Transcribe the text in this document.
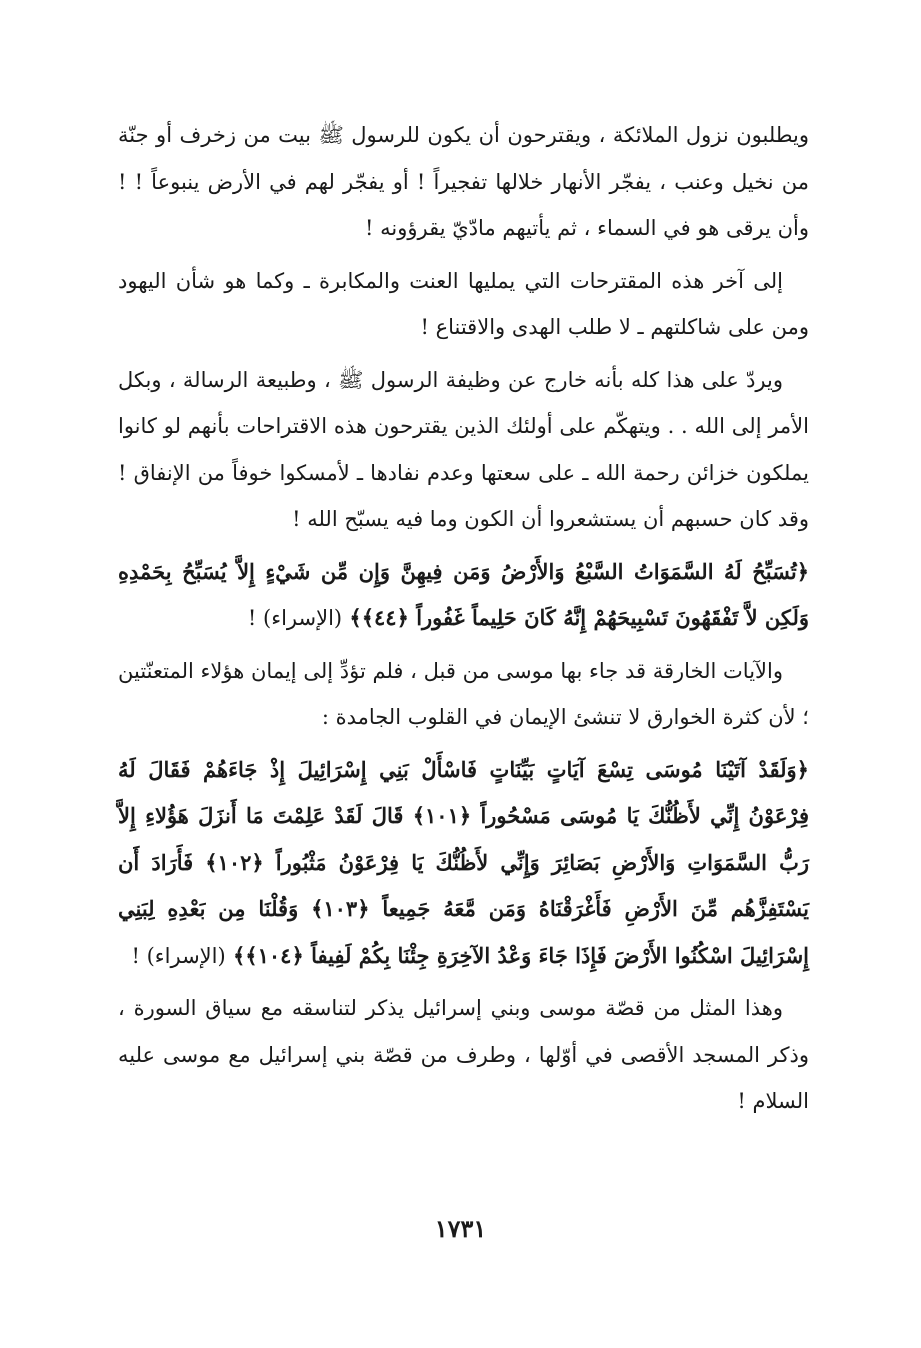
ويطلبون نزول الملائكة ، ويقترحون أن يكون للرسول ﷺ بيت من زخرف أو جنّة من نخيل وعنب ، يفجّر الأنهار خلالها تفجيراً ! أو يفجّر لهم في الأرض ينبوعاً ! ! وأن يرقى هو في السماء ، ثم يأتيهم مادّيّ يقرؤونه !

إلى آخر هذه المقترحات التي يمليها العنت والمكابرة ـ وكما هو شأن اليهود ومن على شاكلتهم ـ لا طلب الهدى والاقتناع !

ويردّ على هذا كله بأنه خارج عن وظيفة الرسول ﷺ ، وطبيعة الرسالة ، وبكل الأمر إلى الله . . ويتهكّم على أولئك الذين يقترحون هذه الاقتراحات بأنهم لو كانوا يملكون خزائن رحمة الله ـ على سعتها وعدم نفادها ـ لأمسكوا خوفاً من الإنفاق ! وقد كان حسبهم أن يستشعروا أن الكون وما فيه يسبّح الله !

﴿تُسَبِّحُ لَهُ السَّمَوَاتُ السَّبْعُ وَالأَرْضُ وَمَن فِيهِنَّ وَإِن مِّن شَيْءٍ إِلاَّ يُسَبِّحُ بِحَمْدِهِ وَلَكِن لاَّ تَفْقَهُونَ تَسْبِيحَهُمْ إِنَّهُ كَانَ حَلِيماً غَفُوراً ﴿٤٤﴾﴾ (الإسراء) !

والآيات الخارقة قد جاء بها موسى من قبل ، فلم تؤدِّ إلى إيمان هؤلاء المتعنّتين ؛ لأن كثرة الخوارق لا تنشئ الإيمان في القلوب الجامدة :

﴿وَلَقَدْ آتَيْنَا مُوسَى تِسْعَ آيَاتٍ بَيِّنَاتٍ فَاسْأَلْ بَنِي إِسْرَائِيلَ إِذْ جَاءَهُمْ فَقَالَ لَهُ فِرْعَوْنُ إِنِّي لأَظُنُّكَ يَا مُوسَى مَسْحُوراً ﴿١٠١﴾ قَالَ لَقَدْ عَلِمْتَ مَا أَنزَلَ هَؤُلاءِ إِلاَّ رَبُّ السَّمَوَاتِ وَالأَرْضِ بَصَائِرَ وَإِنِّي لأَظُنُّكَ يَا فِرْعَوْنُ مَثْبُوراً ﴿١٠٢﴾ فَأَرَادَ أَن يَسْتَفِزَّهُم مِّنَ الأَرْضِ فَأَغْرَقْنَاهُ وَمَن مَّعَهُ جَمِيعاً ﴿١٠٣﴾ وَقُلْنَا مِن بَعْدِهِ لِبَنِي إِسْرَائِيلَ اسْكُنُوا الأَرْضَ فَإِذَا جَاءَ وَعْدُ الآخِرَةِ جِئْنَا بِكُمْ لَفِيفاً ﴿١٠٤﴾﴾ (الإسراء) !

وهذا المثل من قصّة موسى وبني إسرائيل يذكر لتناسقه مع سياق السورة ، وذكر المسجد الأقصى في أوّلها ، وطرف من قصّة بني إسرائيل مع موسى عليه السلام !

١٧٣١
